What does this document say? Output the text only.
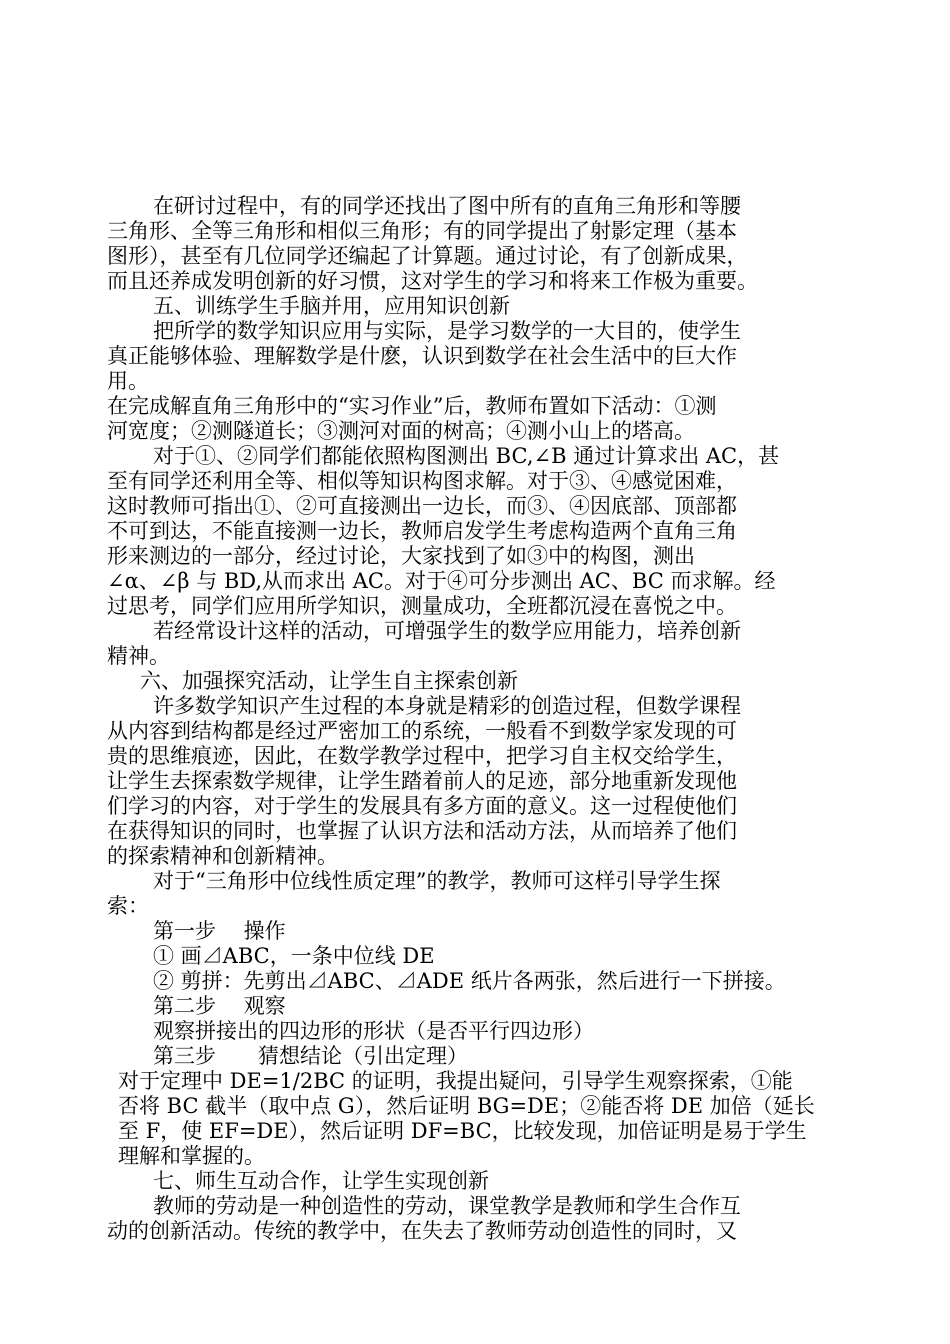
在研讨过程中，有的同学还找出了图中所有的直角三角形和等腰
三角形、全等三角形和相似三角形；有的同学提出了射影定理（基本
图形），甚至有几位同学还编起了计算题。通过讨论，有了创新成果，
而且还养成发明创新的好习惯，这对学生的学习和将来工作极为重要。
五、训练学生手脑并用，应用知识创新
把所学的数学知识应用与实际，是学习数学的一大目的，使学生
真正能够体验、理解数学是什麽，认识到数学在社会生活中的巨大作
用。
在完成解直角三角形中的“实习作业”后，教师布置如下活动：①测
河宽度；②测隧道长；③测河对面的树高；④测小山上的塔高。
对于①、②同学们都能依照构图测出 BC,∠B 通过计算求出 AC，甚
至有同学还利用全等、相似等知识构图求解。对于③、④感觉困难，
这时教师可指出①、②可直接测出一边长，而③、④因底部、顶部都
不可到达，不能直接测一边长，教师启发学生考虑构造两个直角三角
形来测边的一部分，经过讨论，大家找到了如③中的构图，测出
∠α、∠β 与 BD,从而求出 AC。对于④可分步测出 AC、BC 而求解。经
过思考，同学们应用所学知识，测量成功，全班都沉浸在喜悦之中。
若经常设计这样的活动，可增强学生的数学应用能力，培养创新
精神。
六、加强探究活动，让学生自主探索创新
许多数学知识产生过程的本身就是精彩的创造过程，但数学课程
从内容到结构都是经过严密加工的系统，一般看不到数学家发现的可
贵的思维痕迹，因此，在数学教学过程中，把学习自主权交给学生，
让学生去探索数学规律，让学生踏着前人的足迹，部分地重新发现他
们学习的内容，对于学生的发展具有多方面的意义。这一过程使他们
在获得知识的同时，也掌握了认识方法和活动方法，从而培养了他们
的探索精神和创新精神。
对于“三角形中位线性质定理”的教学，教师可这样引导学生探
索：
第一步　 操作
① 画⊿ABC，一条中位线 DE
② 剪拼：先剪出⊿ABC、⊿ADE 纸片各两张，然后进行一下拼接。
第二步　 观察
观察拼接出的四边形的形状（是否平行四边形）
第三步　　猜想结论（引出定理）
对于定理中 DE=1/2BC 的证明，我提出疑问，引导学生观察探索，①能
否将 BC 截半（取中点 G），然后证明 BG=DE；②能否将 DE 加倍（延长
至 F，使 EF=DE），然后证明 DF=BC，比较发现，加倍证明是易于学生
理解和掌握的。
七、师生互动合作，让学生实现创新
教师的劳动是一种创造性的劳动，课堂教学是教师和学生合作互
动的创新活动。传统的教学中，在失去了教师劳动创造性的同时，又
